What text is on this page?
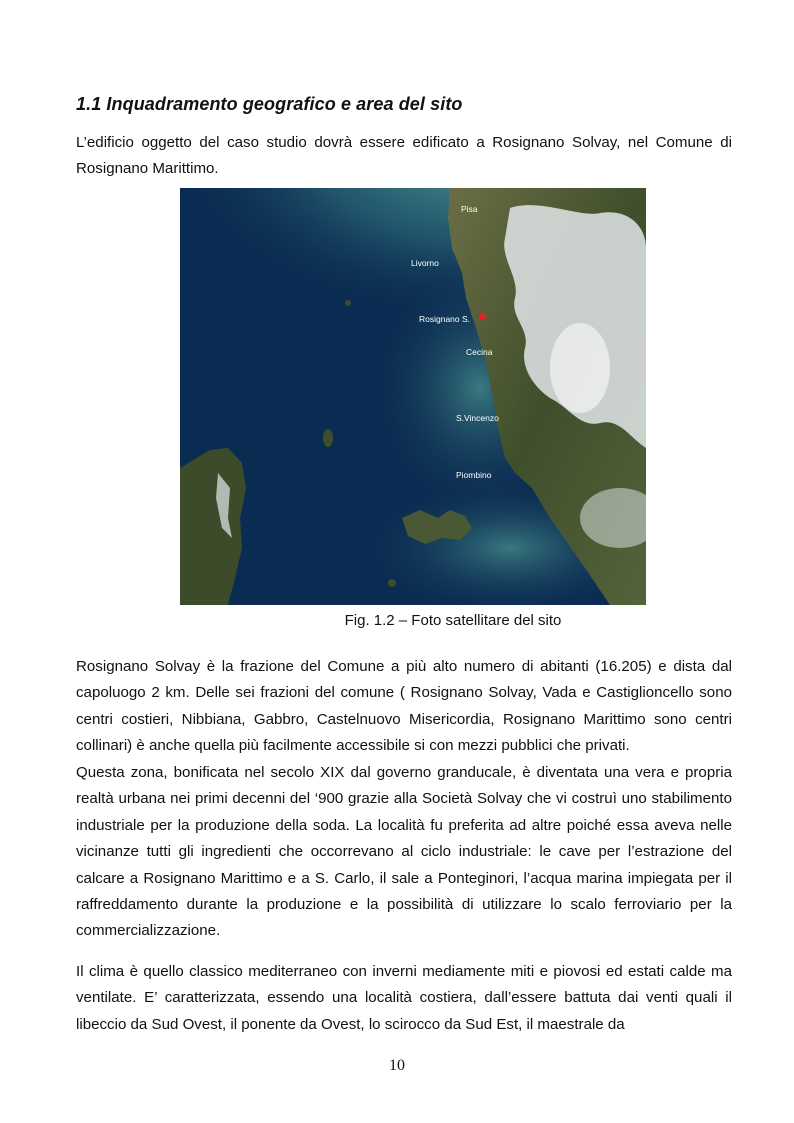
1.1 Inquadramento geografico e area del sito

L’edificio oggetto del caso studio dovrà essere edificato a Rosignano Solvay, nel Comune di Rosignano Marittimo.

Pisa
Livorno
Rosignano S.
Cecina
S.Vincenzo
Piombino

Fig. 1.2 – Foto satellitare del sito

Rosignano Solvay è la frazione del Comune a più alto numero di abitanti (16.205) e dista dal capoluogo 2 km. Delle sei frazioni del comune ( Rosignano Solvay, Vada e Castiglioncello sono centri costieri, Nibbiana, Gabbro, Castelnuovo Misericordia, Rosignano Marittimo sono centri collinari) è anche quella più facilmente accessibile si con mezzi pubblici che privati.

Questa zona, bonificata nel secolo XIX dal governo granducale, è diventata una vera e propria realtà urbana nei primi decenni del ‘900 grazie alla Società Solvay che vi costruì uno stabilimento industriale per la produzione della soda. La località fu preferita ad altre poiché essa aveva nelle vicinanze tutti gli ingredienti che occorrevano al ciclo industriale: le cave per l’estrazione del calcare a Rosignano Marittimo e a S. Carlo, il sale a Ponteginori, l’acqua marina impiegata per il raffreddamento durante la produzione e la possibilità di utilizzare lo scalo ferroviario per la commercializzazione.

Il clima è quello classico mediterraneo con inverni mediamente miti e piovosi ed estati calde ma ventilate. E’ caratterizzata, essendo una località costiera, dall’essere battuta dai venti quali il libeccio da Sud Ovest, il ponente da Ovest, lo scirocco da Sud Est, il maestrale da

10
